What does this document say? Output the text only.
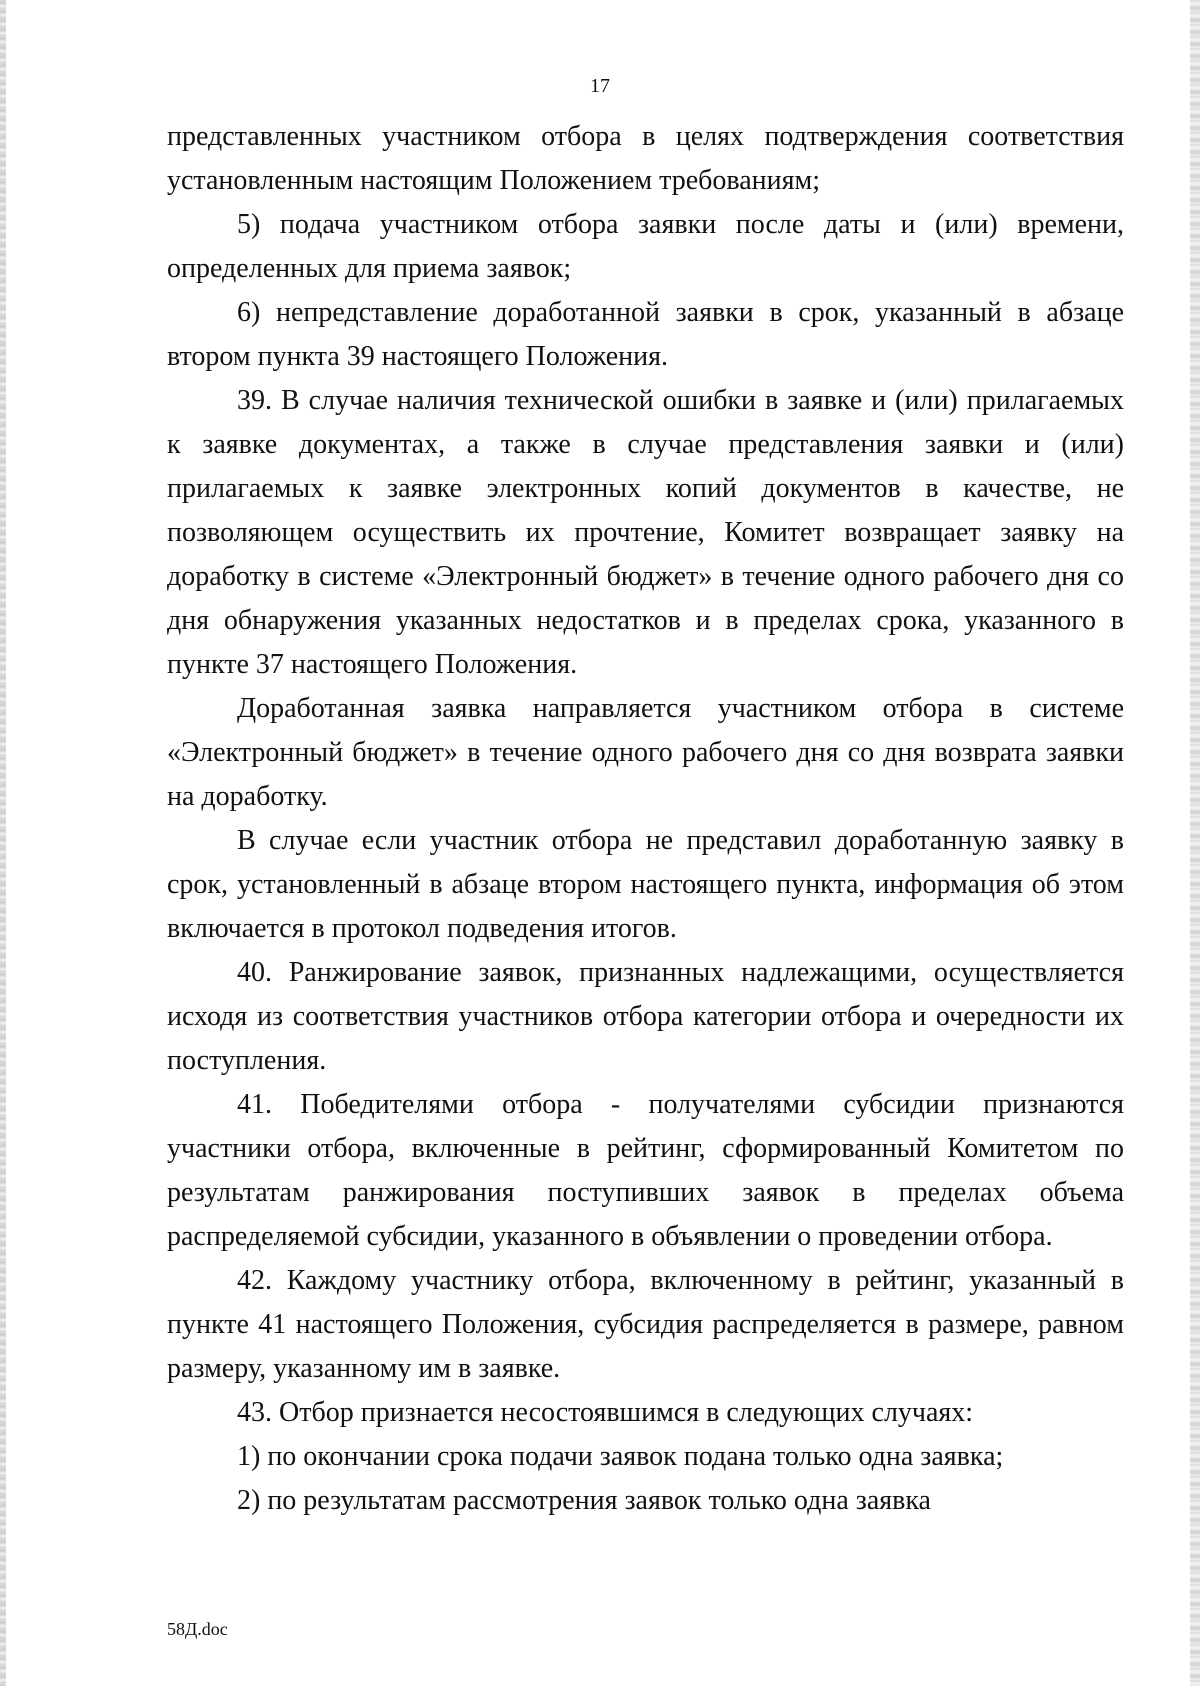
17

представленных участником отбора в целях подтверждения соответствия установленным настоящим Положением требованиям;

5) подача участником отбора заявки после даты и (или) времени, определенных для приема заявок;

6) непредставление доработанной заявки в срок, указанный в абзаце втором пункта 39 настоящего Положения.

39. В случае наличия технической ошибки в заявке и (или) прилагаемых к заявке документах, а также в случае представления заявки и (или) прилагаемых к заявке электронных копий документов в качестве, не позволяющем осуществить их прочтение, Комитет возвращает заявку на доработку в системе «Электронный бюджет» в течение одного рабочего дня со дня обнаружения указанных недостатков и в пределах срока, указанного в пункте 37 настоящего Положения.

Доработанная заявка направляется участником отбора в системе «Электронный бюджет» в течение одного рабочего дня со дня возврата заявки на доработку.

В случае если участник отбора не представил доработанную заявку в срок, установленный в абзаце втором настоящего пункта, информация об этом включается в протокол подведения итогов.

40. Ранжирование заявок, признанных надлежащими, осуществляется исходя из соответствия участников отбора категории отбора и очередности их поступления.

41. Победителями отбора - получателями субсидии признаются участники отбора, включенные в рейтинг, сформированный Комитетом по результатам ранжирования поступивших заявок в пределах объема распределяемой субсидии, указанного в объявлении о проведении отбора.

42. Каждому участнику отбора, включенному в рейтинг, указанный в пункте 41 настоящего Положения, субсидия распределяется в размере, равном размеру, указанному им в заявке.

43. Отбор признается несостоявшимся в следующих случаях:

1) по окончании срока подачи заявок подана только одна заявка;

2) по результатам рассмотрения заявок только одна заявка

58Д.doc
